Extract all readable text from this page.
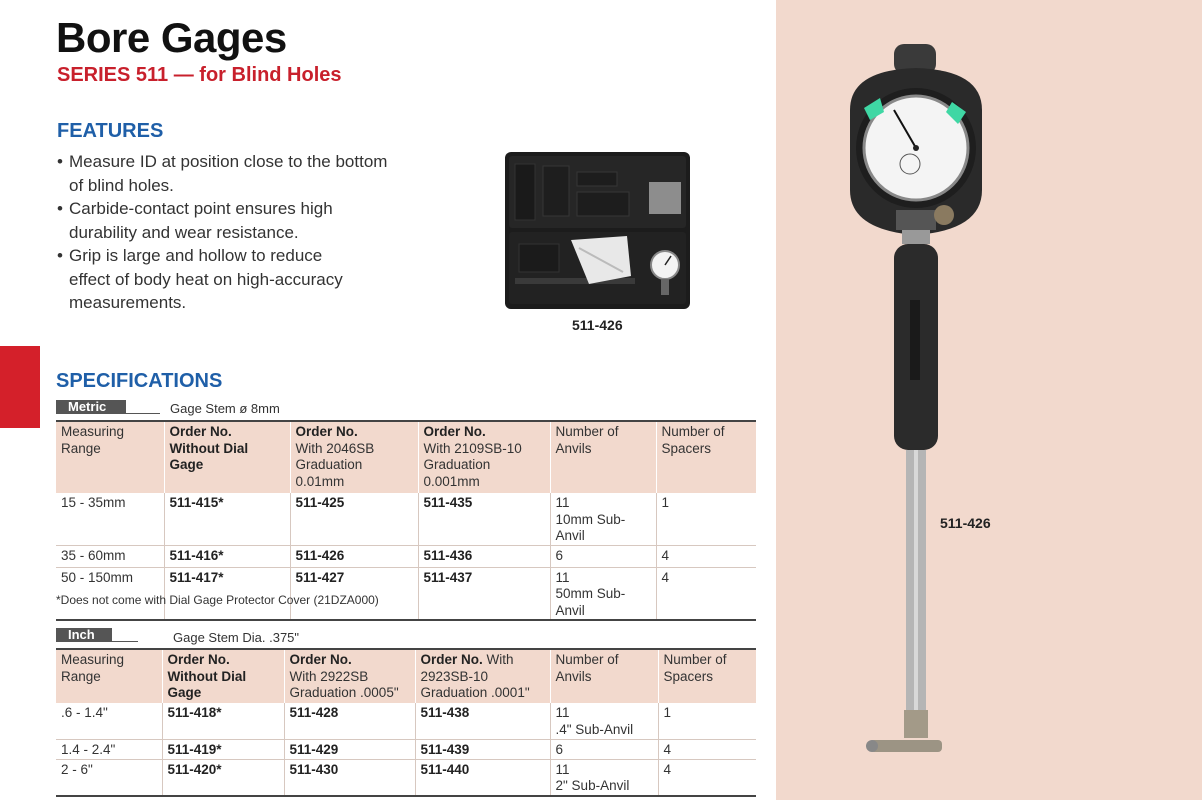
Bore Gages
SERIES 511 — for Blind Holes
FEATURES
• Measure ID at position close to the bottom
of blind holes.
• Carbide-contact point ensures high
durability and wear resistance.
• Grip is large and hollow to reduce
effect of body heat on high-accuracy
measurements.
511-426
511-426
SPECIFICATIONS
Metric	Gage Stem ø 8mm
Measuring Range	Order No.
Without Dial Gage	Order No.
With 2046SB
Graduation 0.01mm	Order No.
With 2109SB-10
Graduation 0.001mm	Number of Anvils	Number of
Spacers
15 - 35mm	511-415*	511-425	511-435	11
10mm Sub-Anvil	1
35 - 60mm	511-416*	511-426	511-436	6	4
50 - 150mm	511-417*	511-427	511-437	11
50mm Sub-Anvil	4
*Does not come with Dial Gage Protector Cover (21DZA000)
Inch	Gage Stem Dia. .375"
Measuring Range	Order No.
Without Dial Gage	Order No.
With 2922SB
Graduation .0005"	Order No. With
2923SB-10
Graduation .0001"	Number of Anvils	Number of
Spacers
.6 - 1.4"	511-418*	511-428	511-438	11
.4" Sub-Anvil	1
1.4 - 2.4"	511-419*	511-429	511-439	6	4
2 - 6"	511-420*	511-430	511-440	11
2" Sub-Anvil	4
